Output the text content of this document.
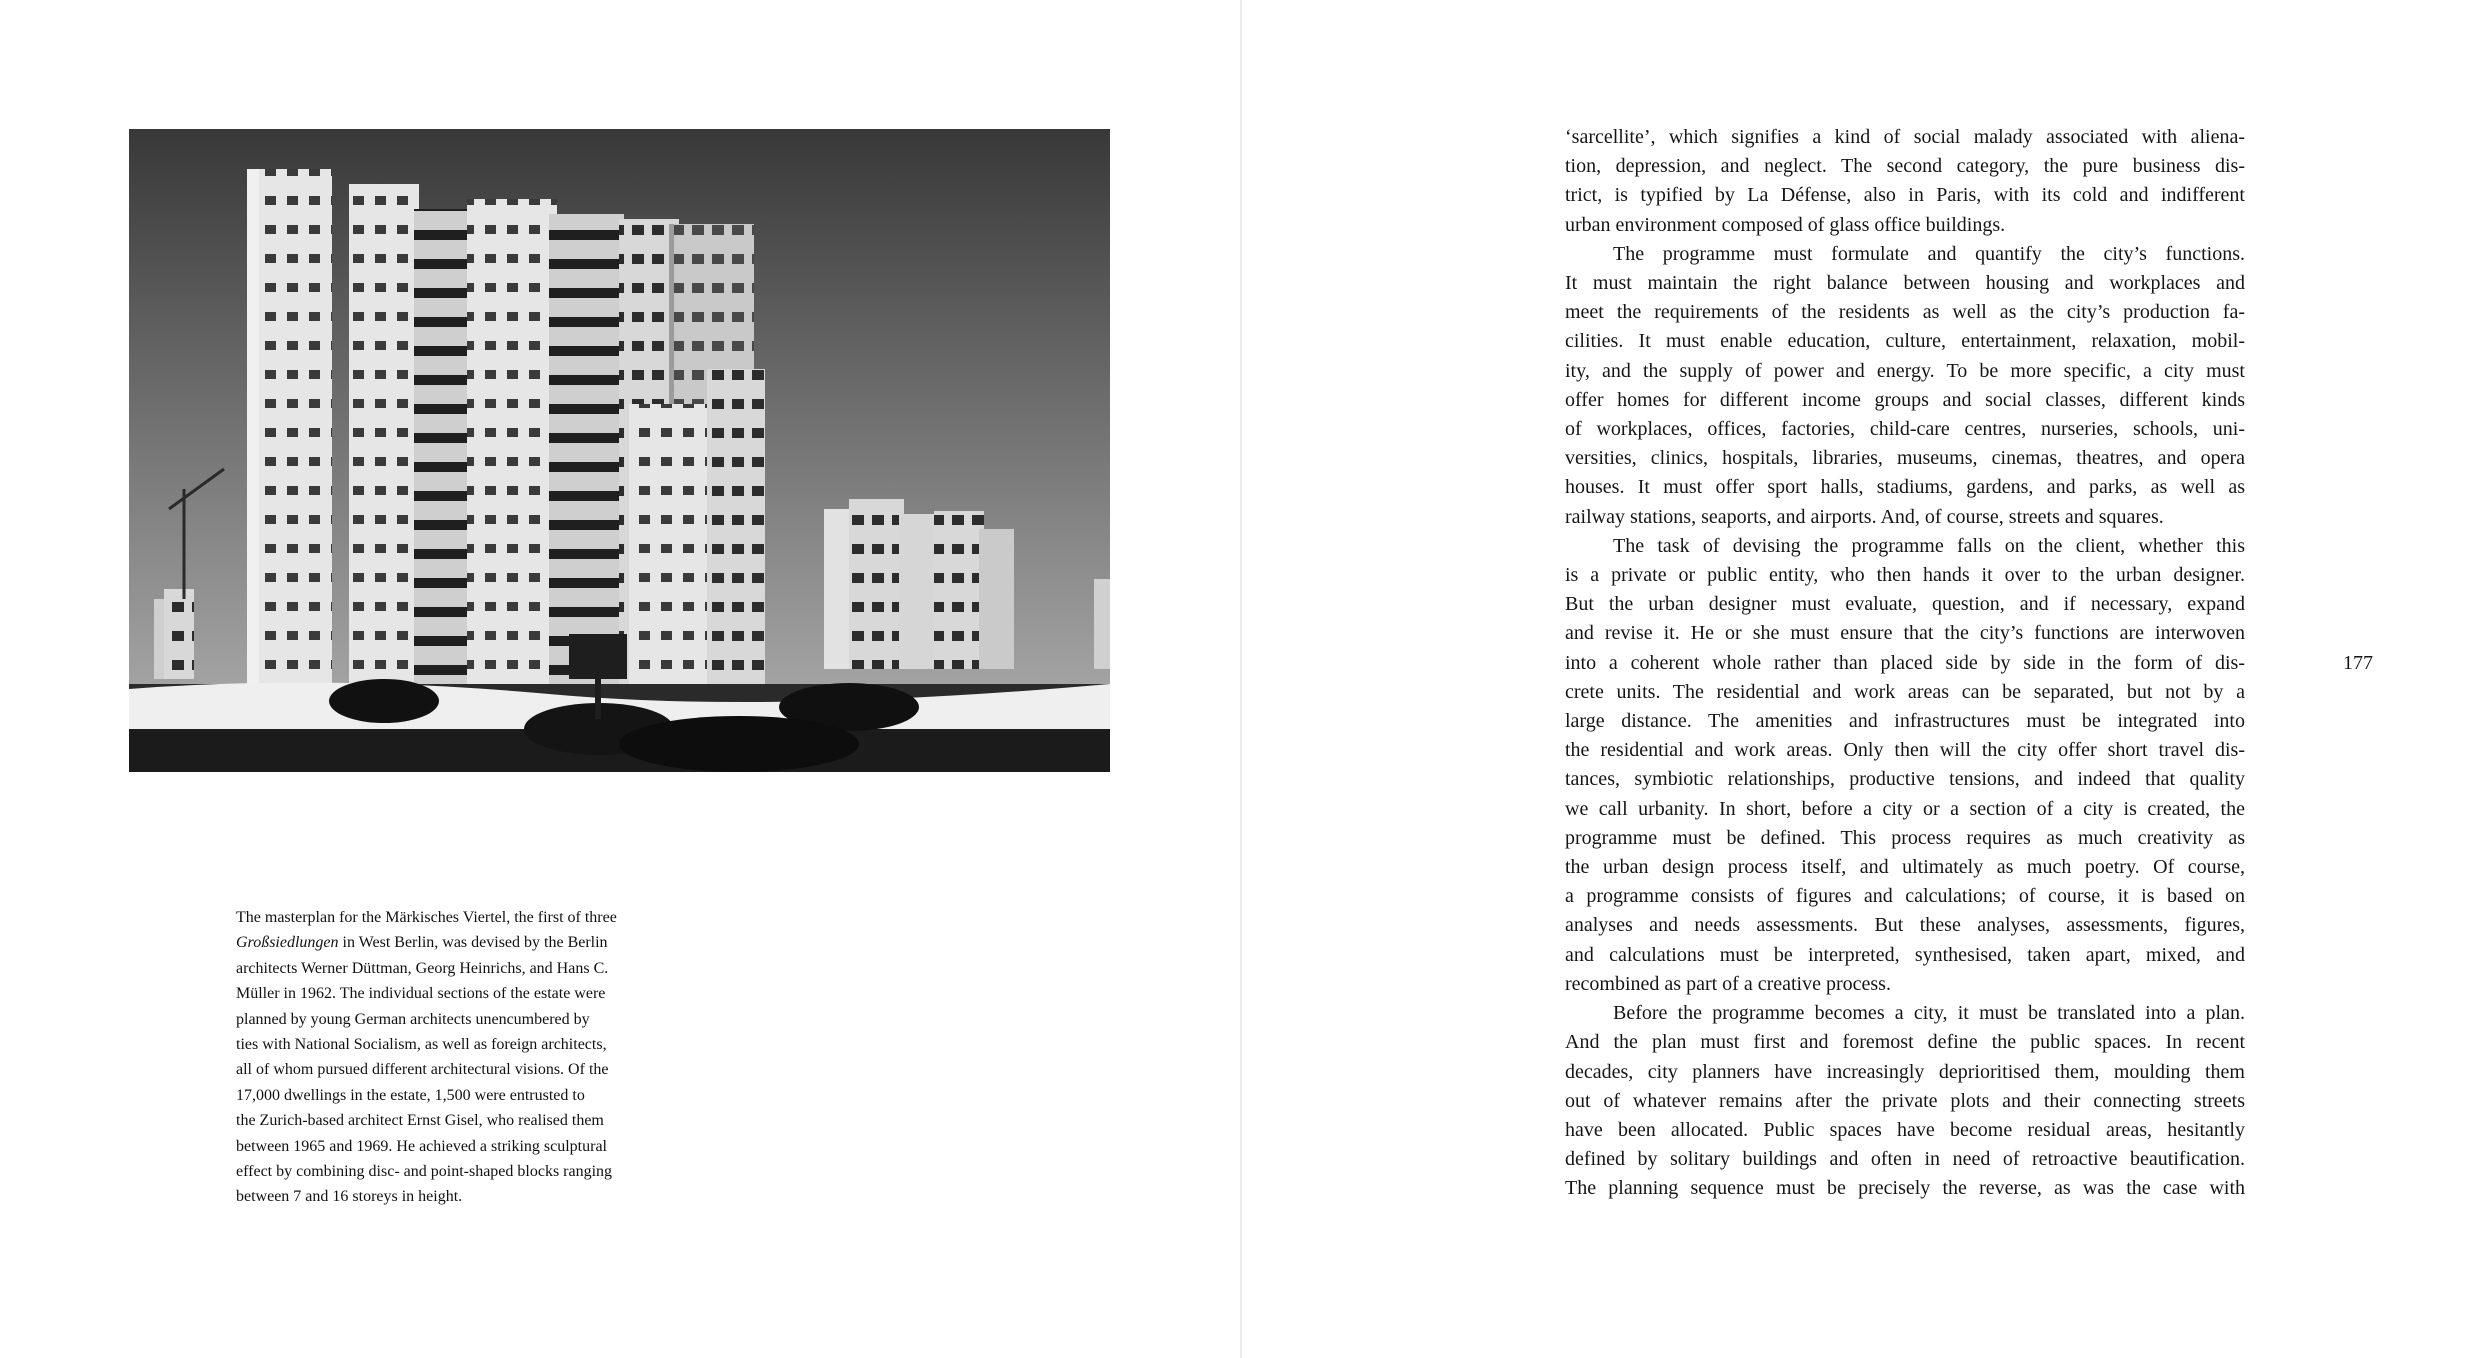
The masterplan for the Märkisches Viertel, the first of three
Großsiedlungen in West Berlin, was devised by the Berlin
architects Werner Düttman, Georg Heinrichs, and Hans C.
Müller in 1962. The individual sections of the estate were
planned by young German architects unencumbered by
ties with National Socialism, as well as foreign architects,
all of whom pursued different architectural visions. Of the
17,000 dwellings in the estate, 1,500 were entrusted to
the Zurich-based architect Ernst Gisel, who realised them
between 1965 and 1969. He achieved a striking sculptural
effect by combining disc- and point-shaped blocks ranging
between 7 and 16 storeys in height.

‘sarcellite’, which signifies a kind of social malady associated with aliena-
tion, depression, and neglect. The second category, the pure business dis-
trict, is typified by La Défense, also in Paris, with its cold and indifferent
urban environment composed of glass office buildings.
The programme must formulate and quantify the city’s functions.
It must maintain the right balance between housing and workplaces and
meet the requirements of the residents as well as the city’s production fa-
cilities. It must enable education, culture, entertainment, relaxation, mobil-
ity, and the supply of power and energy. To be more specific, a city must
offer homes for different income groups and social classes, different kinds
of workplaces, offices, factories, child-care centres, nurseries, schools, uni-
versities, clinics, hospitals, libraries, museums, cinemas, theatres, and opera
houses. It must offer sport halls, stadiums, gardens, and parks, as well as
railway stations, seaports, and airports. And, of course, streets and squares.
The task of devising the programme falls on the client, whether this
is a private or public entity, who then hands it over to the urban designer.
But the urban designer must evaluate, question, and if necessary, expand
and revise it. He or she must ensure that the city’s functions are interwoven
into a coherent whole rather than placed side by side in the form of dis-
crete units. The residential and work areas can be separated, but not by a
large distance. The amenities and infrastructures must be integrated into
the residential and work areas. Only then will the city offer short travel dis-
tances, symbiotic relationships, productive tensions, and indeed that quality
we call urbanity. In short, before a city or a section of a city is created, the
programme must be defined. This process requires as much creativity as
the urban design process itself, and ultimately as much poetry. Of course,
a programme consists of figures and calculations; of course, it is based on
analyses and needs assessments. But these analyses, assessments, figures,
and calculations must be interpreted, synthesised, taken apart, mixed, and
recombined as part of a creative process.
Before the programme becomes a city, it must be translated into a plan.
And the plan must first and foremost define the public spaces. In recent
decades, city planners have increasingly deprioritised them, moulding them
out of whatever remains after the private plots and their connecting streets
have been allocated. Public spaces have become residual areas, hesitantly
defined by solitary buildings and often in need of retroactive beautification.
The planning sequence must be precisely the reverse, as was the case with
177
